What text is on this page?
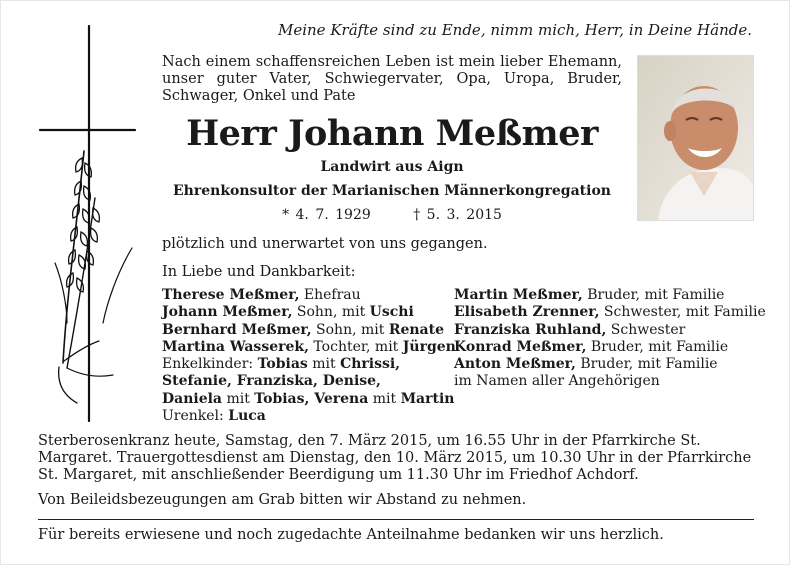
Meine Kräfte sind zu Ende, nimm mich, Herr, in Deine Hände.
Nach einem schaffensreichen Leben ist mein lieber Ehemann, unser guter Vater, Schwiegervater, Opa, Uropa, Bruder, Schwager, Onkel und Pate
Herr Johann Meßmer
Landwirt aus Aign
Ehrenkonsultor der Marianischen Männerkongregation
* 4. 7. 1929	† 5. 3. 2015
plötzlich und unerwartet von uns gegangen.
In Liebe und Dankbarkeit:
Therese Meßmer, Ehefrau
Johann Meßmer, Sohn, mit Uschi
Bernhard Meßmer, Sohn, mit Renate
Martina Wasserek, Tochter, mit Jürgen
Enkelkinder: Tobias mit Chrissi,
Stefanie, Franziska, Denise,
Daniela mit Tobias, Verena mit Martin
Urenkel: Luca
Martin Meßmer, Bruder, mit Familie
Elisabeth Zrenner, Schwester, mit Familie
Franziska Ruhland, Schwester
Konrad Meßmer, Bruder, mit Familie
Anton Meßmer, Bruder, mit Familie
im Namen aller Angehörigen
Sterberosenkranz heute, Samstag, den 7. März 2015, um 16.55 Uhr in der Pfarrkirche St. Margaret. Trauergottesdienst am Dienstag, den 10. März 2015, um 10.30 Uhr in der Pfarrkirche St. Margaret, mit anschließender Beerdigung um 11.30 Uhr im Friedhof Achdorf.
Von Beileidsbezeugungen am Grab bitten wir Abstand zu nehmen.
Für bereits erwiesene und noch zugedachte Anteilnahme bedanken wir uns herzlich.
